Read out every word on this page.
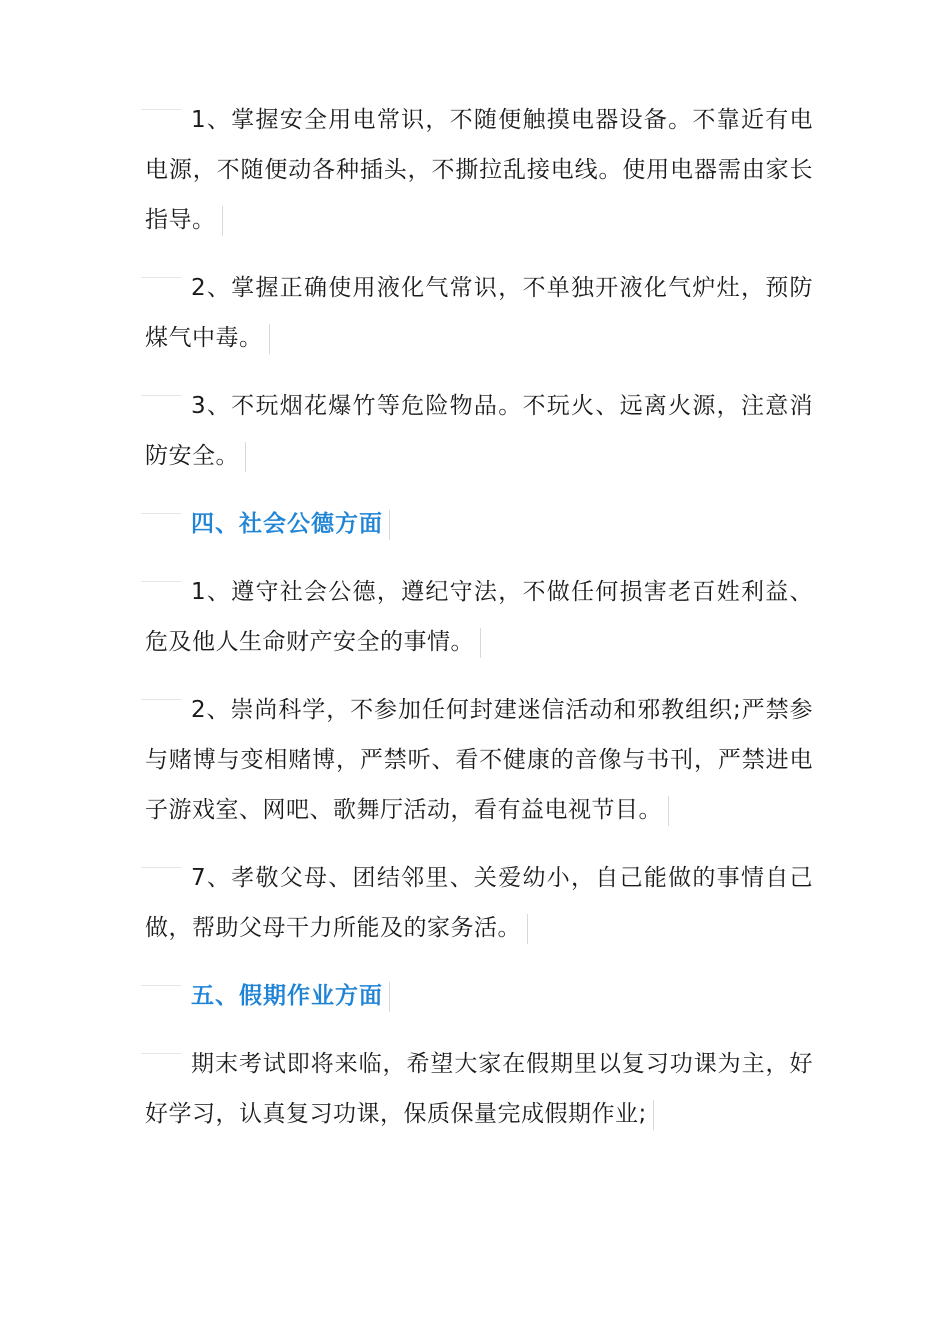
1、掌握安全用电常识，不随便触摸电器设备。不靠近有电电源，不随便动各种插头，不撕拉乱接电线。使用电器需由家长指导。

2、掌握正确使用液化气常识，不单独开液化气炉灶，预防煤气中毒。

3、不玩烟花爆竹等危险物品。不玩火、远离火源，注意消防安全。

四、社会公德方面

1、遵守社会公德，遵纪守法，不做任何损害老百姓利益、危及他人生命财产安全的事情。

2、崇尚科学，不参加任何封建迷信活动和邪教组织;严禁参与赌博与变相赌博，严禁听、看不健康的音像与书刊，严禁进电子游戏室、网吧、歌舞厅活动，看有益电视节目。

7、孝敬父母、团结邻里、关爱幼小，自己能做的事情自己做，帮助父母干力所能及的家务活。

五、假期作业方面

期末考试即将来临，希望大家在假期里以复习功课为主，好好学习，认真复习功课，保质保量完成假期作业;
